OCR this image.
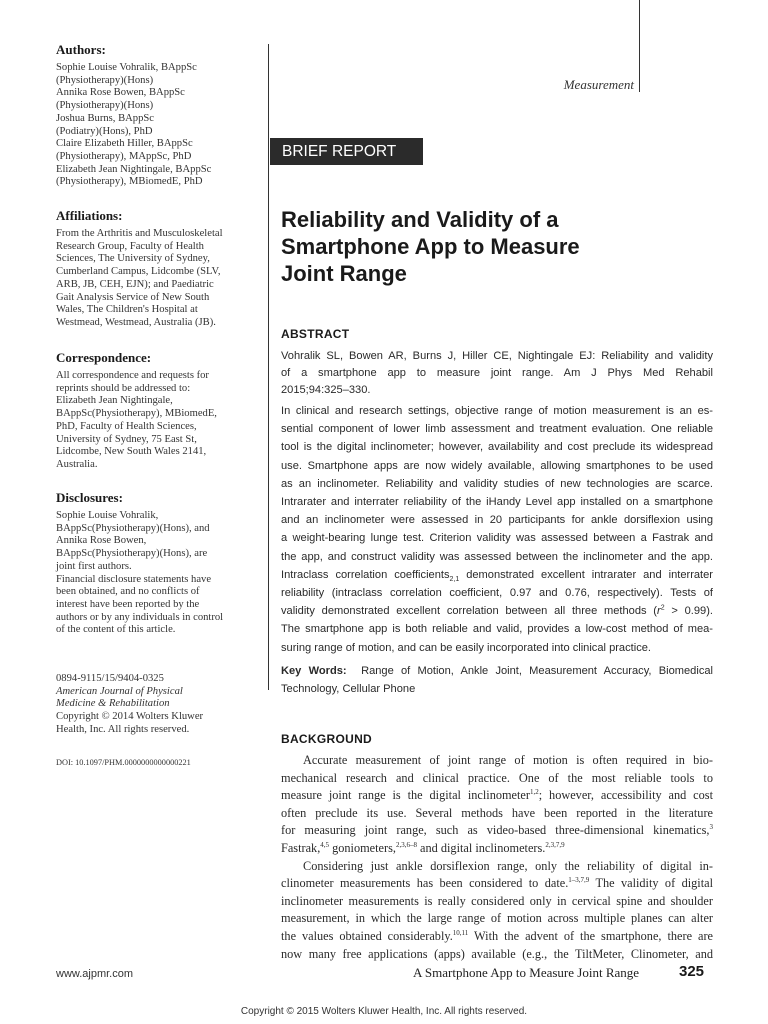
Measurement
BRIEF REPORT
Reliability and Validity of a
Smartphone App to Measure
Joint Range
Authors:
Sophie Louise Vohralik, BAppSc
(Physiotherapy)(Hons)
Annika Rose Bowen, BAppSc
(Physiotherapy)(Hons)
Joshua Burns, BAppSc
(Podiatry)(Hons), PhD
Claire Elizabeth Hiller, BAppSc
(Physiotherapy), MAppSc, PhD
Elizabeth Jean Nightingale, BAppSc
(Physiotherapy), MBiomedE, PhD
Affiliations:
From the Arthritis and Musculoskeletal
Research Group, Faculty of Health
Sciences, The University of Sydney,
Cumberland Campus, Lidcombe (SLV,
ARB, JB, CEH, EJN); and Paediatric
Gait Analysis Service of New South
Wales, The Children's Hospital at
Westmead, Westmead, Australia (JB).
Correspondence:
All correspondence and requests for
reprints should be addressed to:
Elizabeth Jean Nightingale,
BAppSc(Physiotherapy), MBiomedE,
PhD, Faculty of Health Sciences,
University of Sydney, 75 East St,
Lidcombe, New South Wales 2141,
Australia.
Disclosures:
Sophie Louise Vohralik,
BAppSc(Physiotherapy)(Hons), and
Annika Rose Bowen,
BAppSc(Physiotherapy)(Hons), are
joint first authors.
Financial disclosure statements have
been obtained, and no conflicts of
interest have been reported by the
authors or by any individuals in control
of the content of this article.
0894-9115/15/9404-0325
American Journal of Physical
Medicine & Rehabilitation
Copyright © 2014 Wolters Kluwer
Health, Inc. All rights reserved.
DOI: 10.1097/PHM.0000000000000221
ABSTRACT
Vohralik SL, Bowen AR, Burns J, Hiller CE, Nightingale EJ: Reliability and validity
of a smartphone app to measure joint range. Am J Phys Med Rehabil
2015;94:325–330.
In clinical and research settings, objective range of motion measurement is an es-
sential component of lower limb assessment and treatment evaluation. One reliable
tool is the digital inclinometer; however, availability and cost preclude its widespread
use. Smartphone apps are now widely available, allowing smartphones to be used
as an inclinometer. Reliability and validity studies of new technologies are scarce.
Intrarater and interrater reliability of the iHandy Level app installed on a smartphone
and an inclinometer were assessed in 20 participants for ankle dorsiflexion using
a weight-bearing lunge test. Criterion validity was assessed between a Fastrak and
the app, and construct validity was assessed between the inclinometer and the app.
Intraclass correlation coefficients$_{2,1}$ demonstrated excellent intrarater and interrater
reliability (intraclass correlation coefficient, 0.97 and 0.76, respectively). Tests of
validity demonstrated excellent correlation between all three methods $(r^2 > 0.99)$.
The smartphone app is both reliable and valid, provides a low-cost method of mea-
suring range of motion, and can be easily incorporated into clinical practice.
Key Words: Range of Motion, Ankle Joint, Measurement Accuracy, Biomedical
Technology, Cellular Phone
BACKGROUND
Accurate measurement of joint range of motion is often required in bio-
mechanical research and clinical practice. One of the most reliable tools to
measure joint range is the digital inclinometer$^{1,2}$; however, accessibility and cost
often preclude its use. Several methods have been reported in the literature
for measuring joint range, such as video-based three-dimensional kinematics,$^3$
Fastrak,$^{4,5}$ goniometers,$^{2,3,6-8}$ and digital inclinometers.$^{2,3,7,9}$
Considering just ankle dorsiflexion range, only the reliability of digital in-
clinometer measurements has been considered to date.$^{1-3,7,9}$ The validity of digital
inclinometer measurements is really considered only in cervical spine and shoulder
measurement, in which the large range of motion across multiple planes can alter
the values obtained considerably.$^{10,11}$ With the advent of the smartphone, there are
now many free applications (apps) available (e.g., the TiltMeter, Clinometer, and
www.ajpmr.com	A Smartphone App to Measure Joint Range	325
Copyright © 2015 Wolters Kluwer Health, Inc. All rights reserved.
